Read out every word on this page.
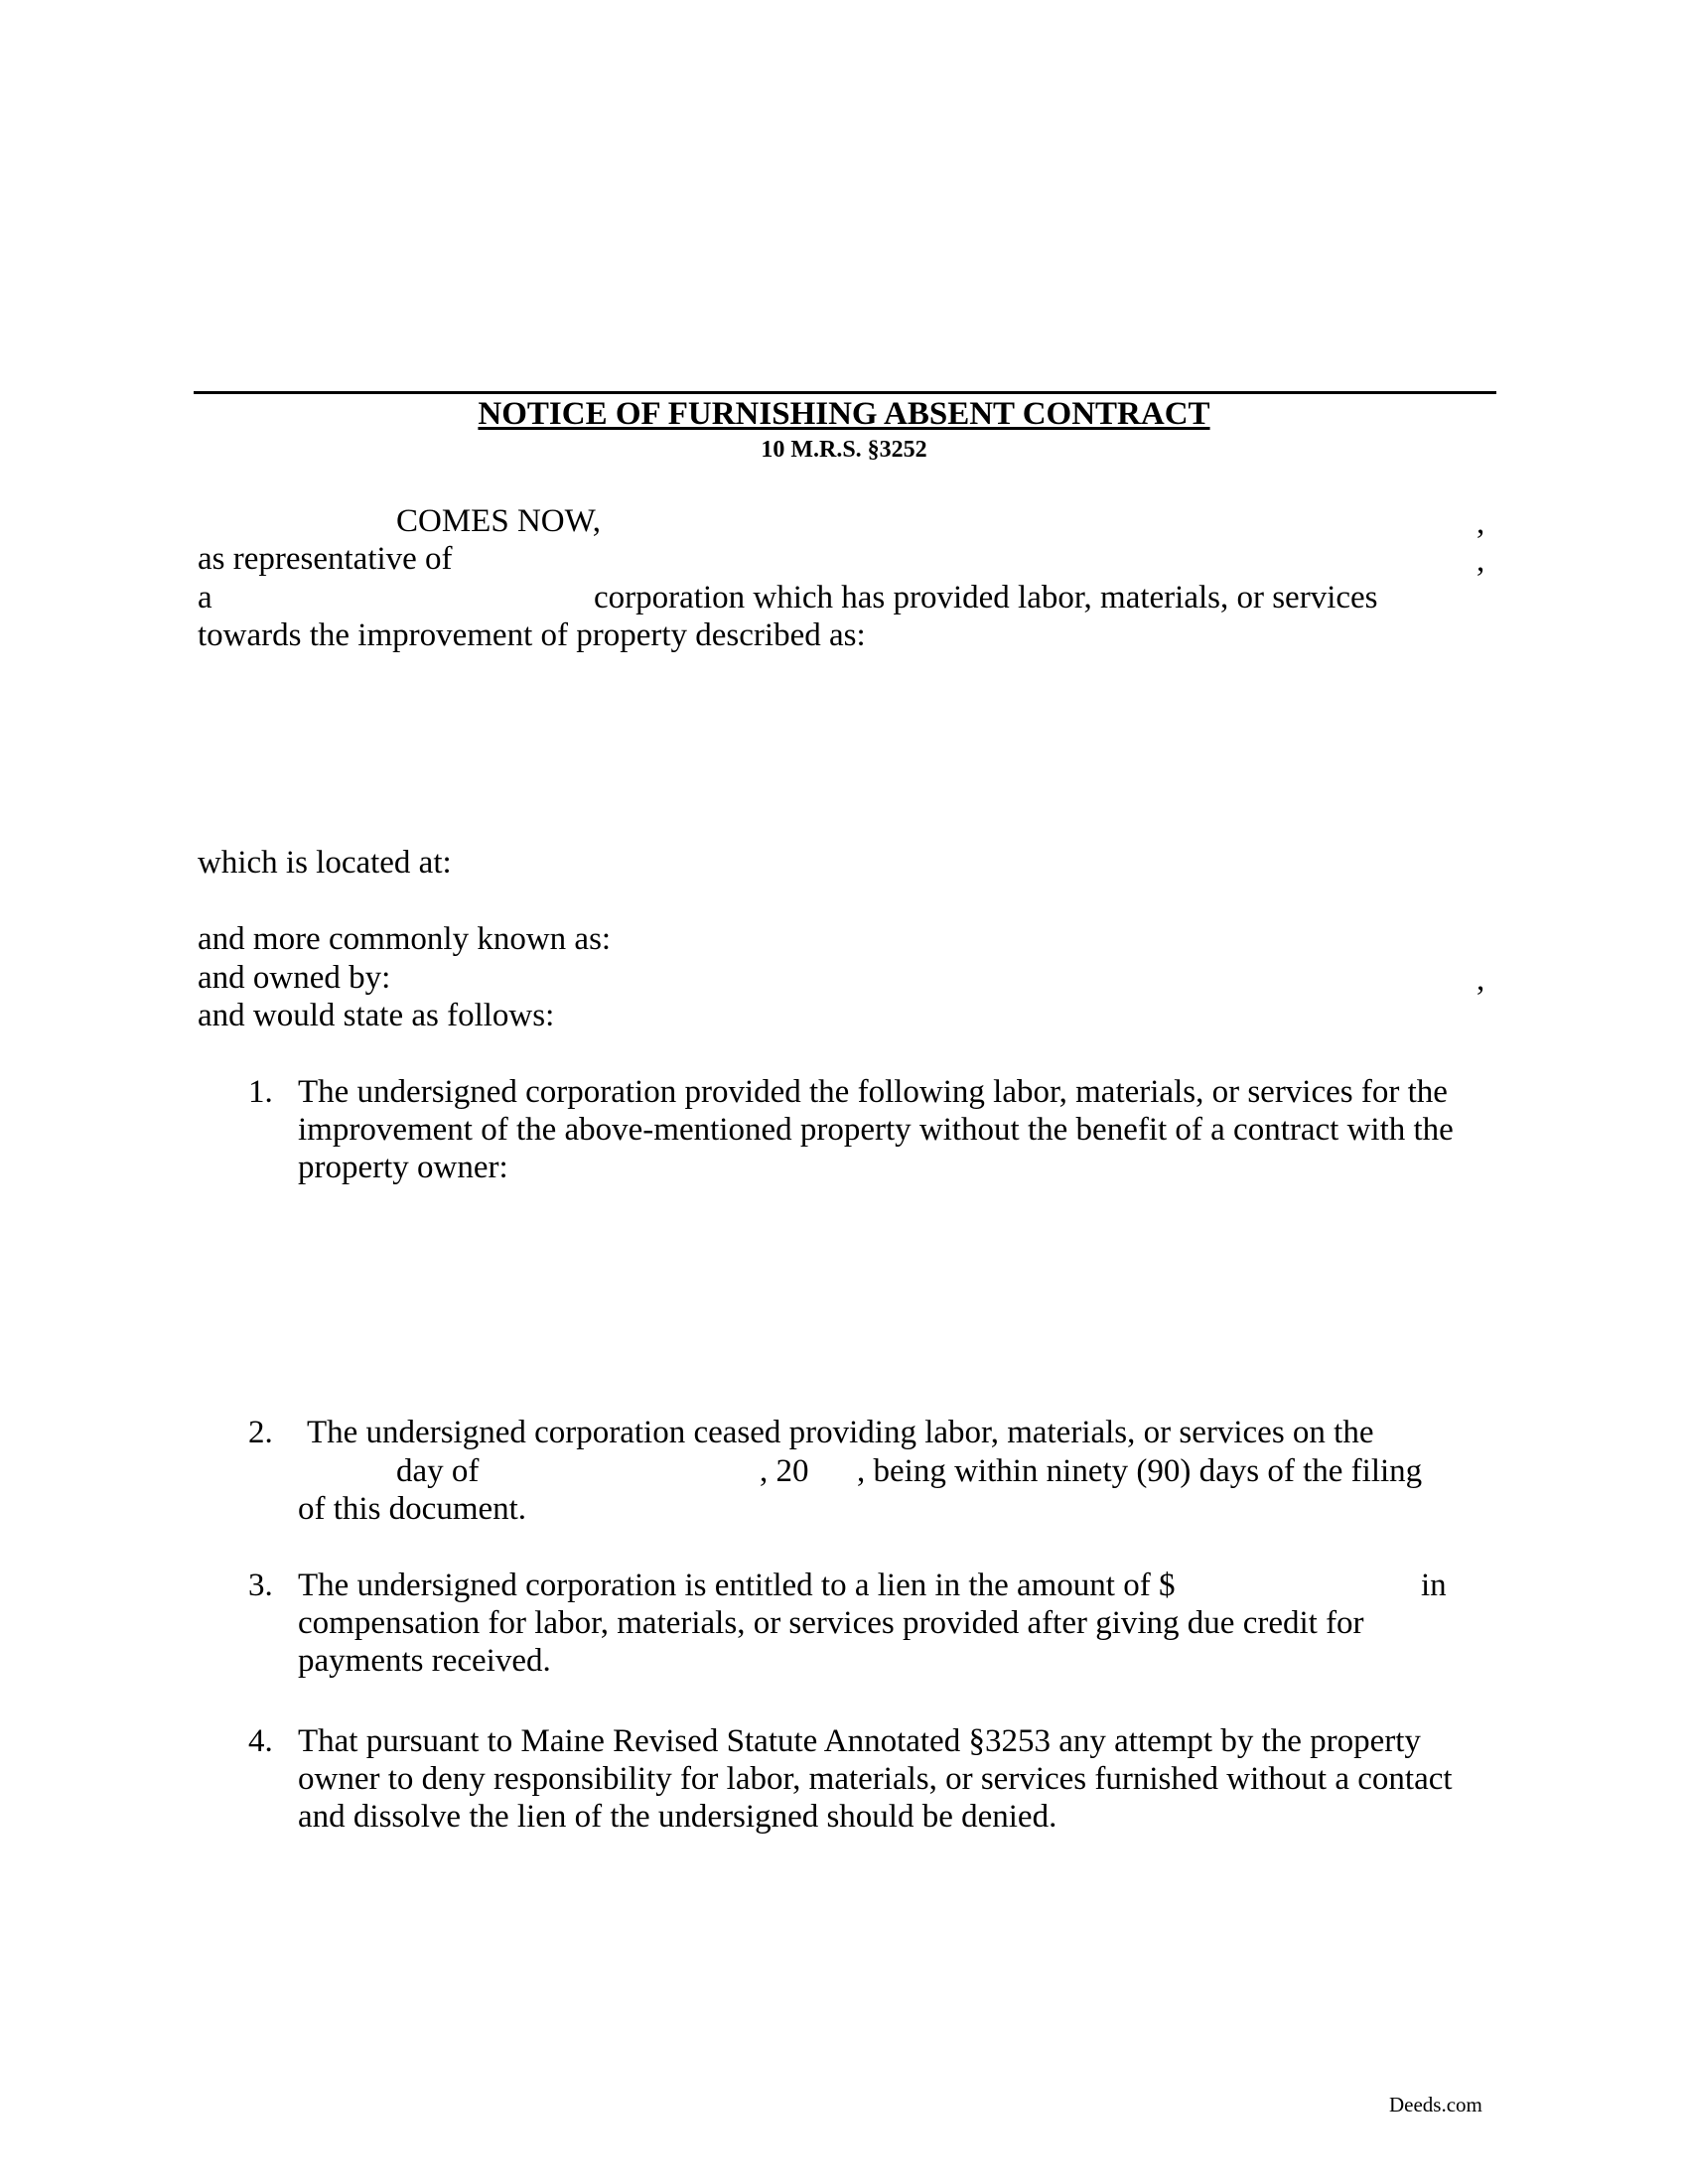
NOTICE OF FURNISHING ABSENT CONTRACT
10 M.R.S. §3252
COMES NOW,	,
as representative of	,
a	corporation which has provided labor, materials, or services
towards the improvement of property described as:
which is located at:
and more commonly known as:
and owned by:	,
and would state as follows:
1. The undersigned corporation provided the following labor, materials, or services for the
improvement of the above-mentioned property without the benefit of a contract with the
property owner:
2. The undersigned corporation ceased providing labor, materials, or services on the
day of	, 20 , being within ninety (90) days of the filing
of this document.
3. The undersigned corporation is entitled to a lien in the amount of $	in
compensation for labor, materials, or services provided after giving due credit for
payments received.
4. That pursuant to Maine Revised Statute Annotated §3253 any attempt by the property
owner to deny responsibility for labor, materials, or services furnished without a contact
and dissolve the lien of the undersigned should be denied.
Deeds.com
